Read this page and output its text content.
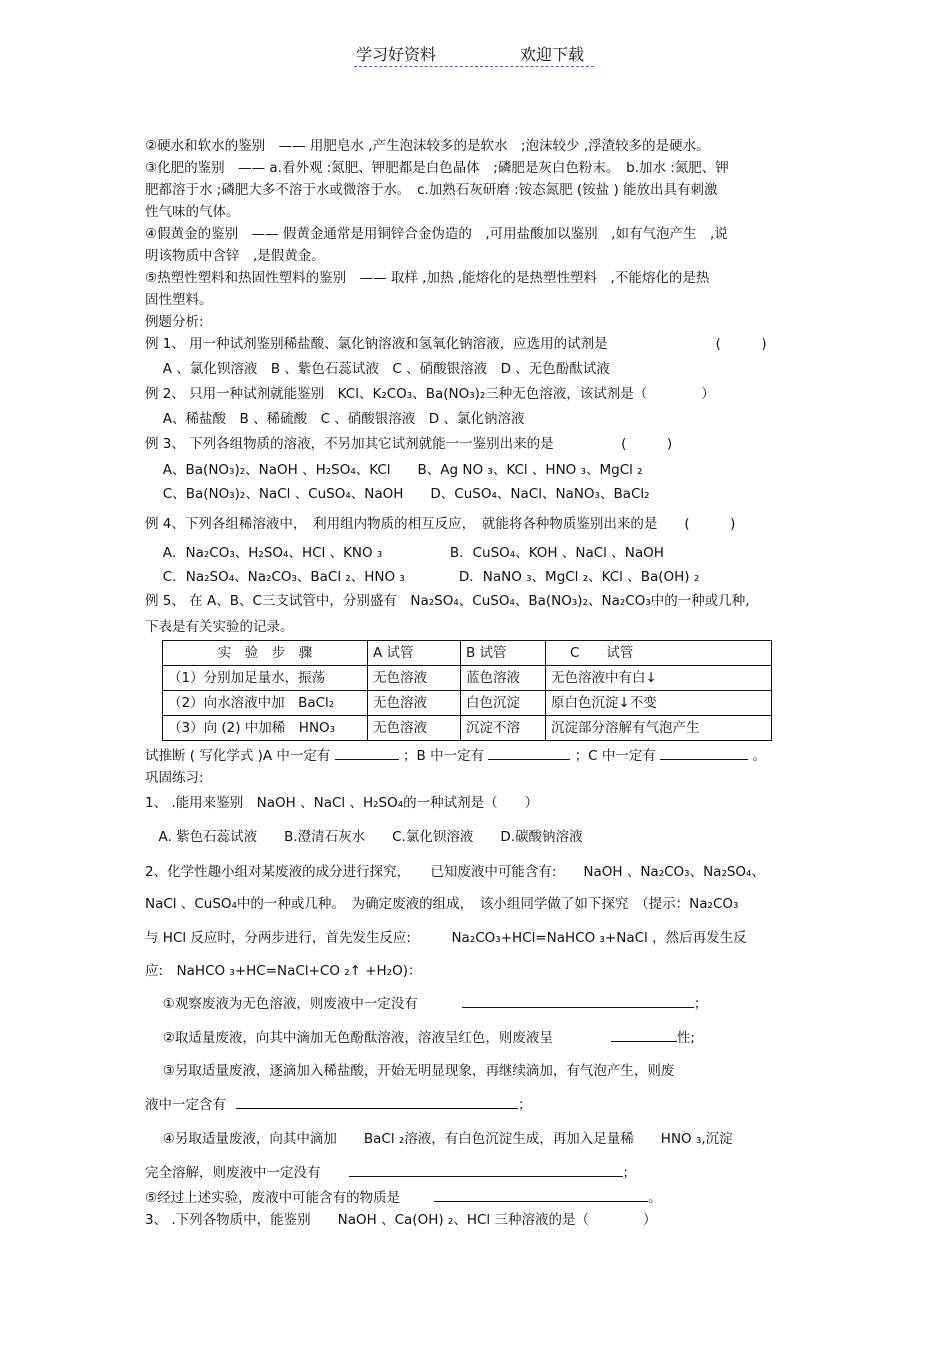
学习好资料	欢迎下载
②硬水和软水的鉴别　—— 用肥皂水 ,产生泡沫较多的是软水　;泡沫较少 ,浮渣较多的是硬水。
③化肥的鉴别　—— a.看外观 :氮肥、钾肥都是白色晶体　;磷肥是灰白色粉末。　b.加水 :氮肥、钾
肥都溶于水 ;磷肥大多不溶于水或微溶于水。　c.加熟石灰研磨 :铵态氮肥 (铵盐 ) 能放出具有刺激
性气味的气体。
④假黄金的鉴别　—— 假黄金通常是用铜锌合金伪造的　,可用盐酸加以鉴别　,如有气泡产生　,说
明该物质中含锌　,是假黄金。
⑤热塑性塑料和热固性塑料的鉴别　—— 取样 ,加热 ,能熔化的是热塑性塑料　,不能熔化的是热
固性塑料。
例题分析:
例 1、 用一种试剂鉴别稀盐酸、氯化钠溶液和氢氧化钠溶液，应选用的试剂是　　　　　　　　(　　　)
　 A 、氯化钡溶液　B 、紫色石蕊试液　C 、硝酸银溶液　D 、无色酚酞试液
例 2、 只用一种试剂就能鉴别　KCl、K₂CO₃、Ba(NO₃)₂三种无色溶液，该试剂是（　　　　）
　 A、稀盐酸　B 、稀硫酸　C 、硝酸银溶液　D 、氯化钠溶液
例 3、 下列各组物质的溶液，不另加其它试剂就能一一鉴别出来的是　　　　　(　　　)
　 A、Ba(NO₃)₂、NaOH 、H₂SO₄、KCl　　B、Ag NO ₃、KCl 、HNO ₃、MgCl ₂
　 C、Ba(NO₃)₂、NaCl 、CuSO₄、NaOH　　D、CuSO₄、NaCl、NaNO₃、BaCl₂
例 4、下列各组稀溶液中，　利用组内物质的相互反应，　就能将各种物质鉴别出来的是　　(　　　)
　 A．Na₂CO₃、H₂SO₄、HCl 、KNO ₃　　　　　B．CuSO₄、KOH 、NaCl 、NaOH
　 C．Na₂SO₄、Na₂CO₃、BaCl ₂、HNO ₃　　　　D．NaNO ₃、MgCl ₂、KCl 、Ba(OH) ₂
例 5、 在 A、B、C三支试管中，分别盛有　Na₂SO₄、CuSO₄、Ba(NO₃)₂、Na₂CO₃中的一种或几种,
下表是有关实验的记录。
实　验　步　骤	A 试管	B 试管	C　　试管
（1）分别加足量水，振荡	无色溶液	蓝色溶液	无色溶液中有白↓
（2）向水溶液中加　BaCl₂	无色溶液	白色沉淀	原白色沉淀↓不变
（3）向 (2) 中加稀　HNO₃	无色溶液	沉淀不溶	沉淀部分溶解有气泡产生
试推断 ( 写化学式 )A 中一定有	；B 中一定有	；C 中一定有	。
巩固练习:
1、 .能用来鉴别　NaOH 、NaCl 、H₂SO₄的一种试剂是（　　）
　A. 紫色石蕊试液　　B.澄清石灰水　　C.氯化钡溶液　　D.碳酸钠溶液
2、化学性趣小组对某废液的成分进行探究，　　已知废液中可能含有:　　NaOH 、Na₂CO₃、Na₂SO₄、
NaCl 、CuSO₄中的一种或几种。　为确定废液的组成，　该小组同学做了如下探究　（提示：Na₂CO₃
与 HCl 反应时，分两步进行，首先发生反应:　　　Na₂CO₃+HCl=NaHCO ₃+NaCl ，然后再发生反
应:　NaHCO ₃+HC=NaCl+CO ₂↑ +H₂O)：
　 ①观察废液为无色溶液，则废液中一定没有	；
　 ②取适量废液，向其中滴加无色酚酞溶液，溶液呈红色，则废液呈	性;
　 ③另取适量废液，逐滴加入稀盐酸，开始无明显现象，再继续滴加，有气泡产生，则废
液中一定含有	；
　 ④另取适量废液，向其中滴加　　BaCl ₂溶液，有白色沉淀生成，再加入足量稀　　HNO ₃,沉淀
完全溶解，则废液中一定没有	；
⑤经过上述实验，废液中可能含有的物质是	。
3、 .下列各物质中，能鉴别　　NaOH 、Ca(OH) ₂、HCl 三种溶液的是（　　　　）
